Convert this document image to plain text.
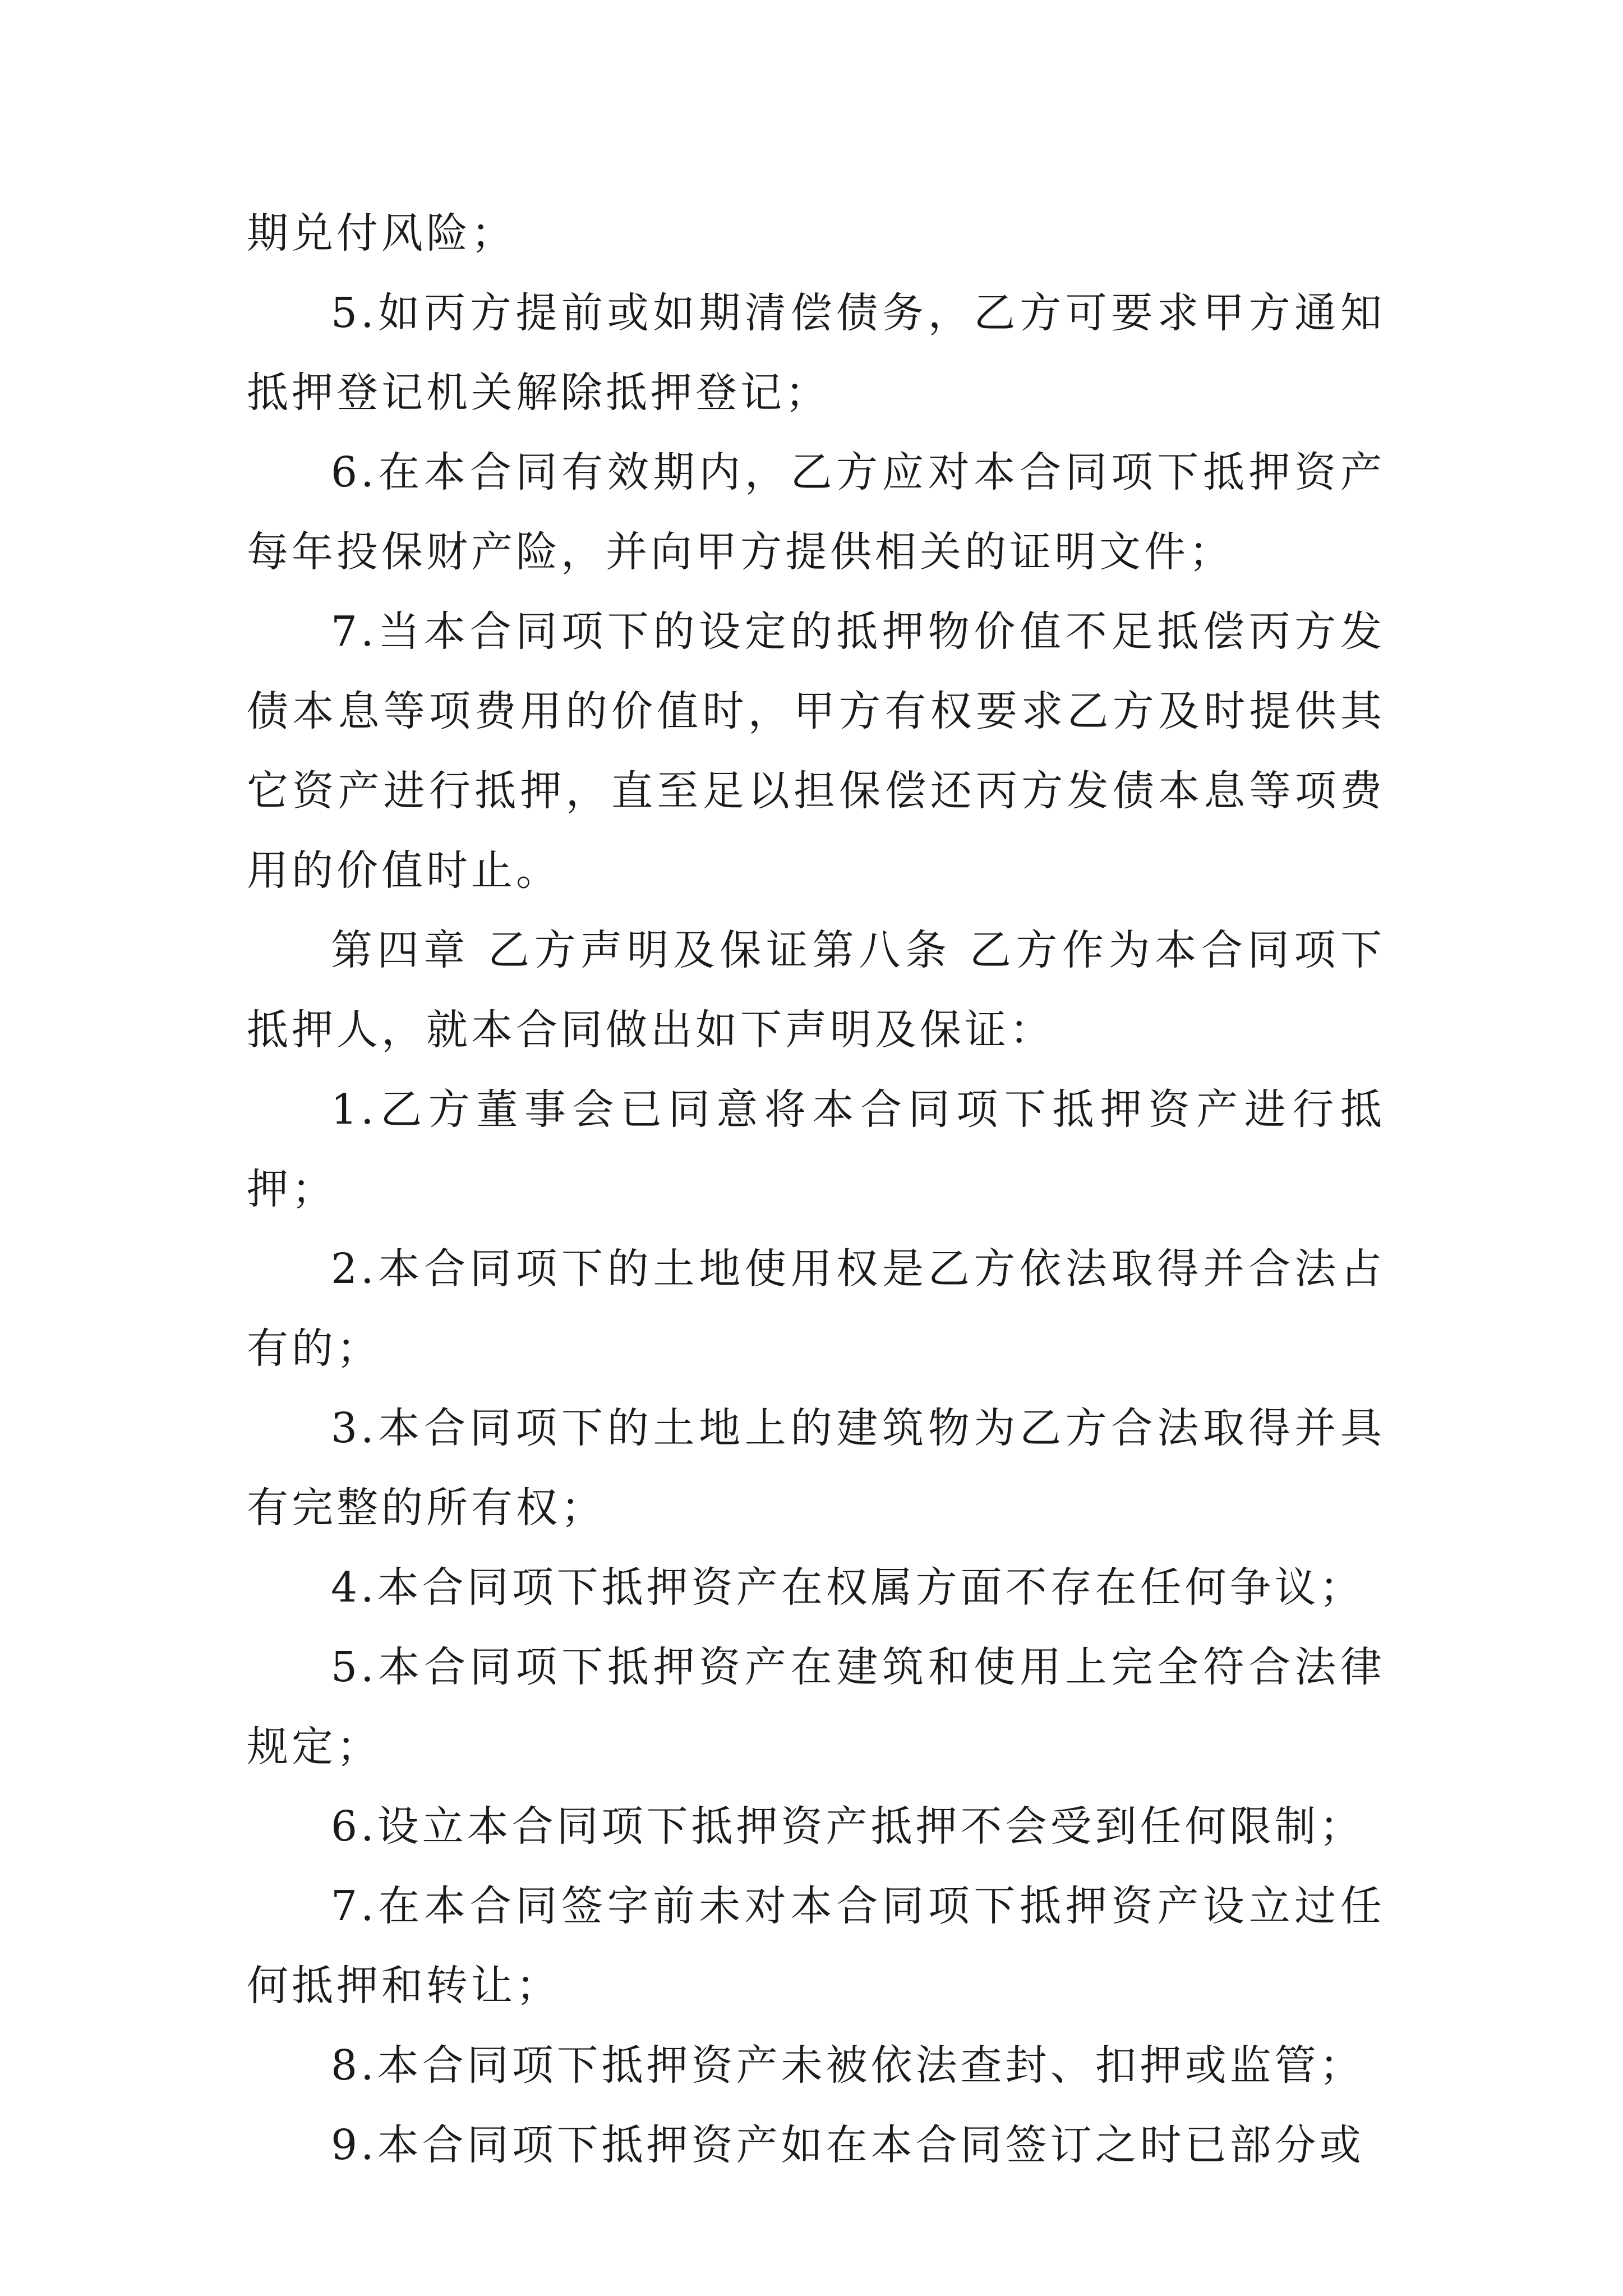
期兑付风险；

5.如丙方提前或如期清偿债务，乙方可要求甲方通知抵押登记机关解除抵押登记；

6.在本合同有效期内，乙方应对本合同项下抵押资产每年投保财产险，并向甲方提供相关的证明文件；

7.当本合同项下的设定的抵押物价值不足抵偿丙方发债本息等项费用的价值时，甲方有权要求乙方及时提供其它资产进行抵押，直至足以担保偿还丙方发债本息等项费用的价值时止。

第四章 乙方声明及保证第八条 乙方作为本合同项下抵押人，就本合同做出如下声明及保证：

1.乙方董事会已同意将本合同项下抵押资产进行抵押；

2.本合同项下的土地使用权是乙方依法取得并合法占有的；

3.本合同项下的土地上的建筑物为乙方合法取得并具有完整的所有权；

4.本合同项下抵押资产在权属方面不存在任何争议；

5.本合同项下抵押资产在建筑和使用上完全符合法律规定；

6.设立本合同项下抵押资产抵押不会受到任何限制；

7.在本合同签字前未对本合同项下抵押资产设立过任何抵押和转让；

8.本合同项下抵押资产未被依法查封、扣押或监管；

9.本合同项下抵押资产如在本合同签订之时已部分或
